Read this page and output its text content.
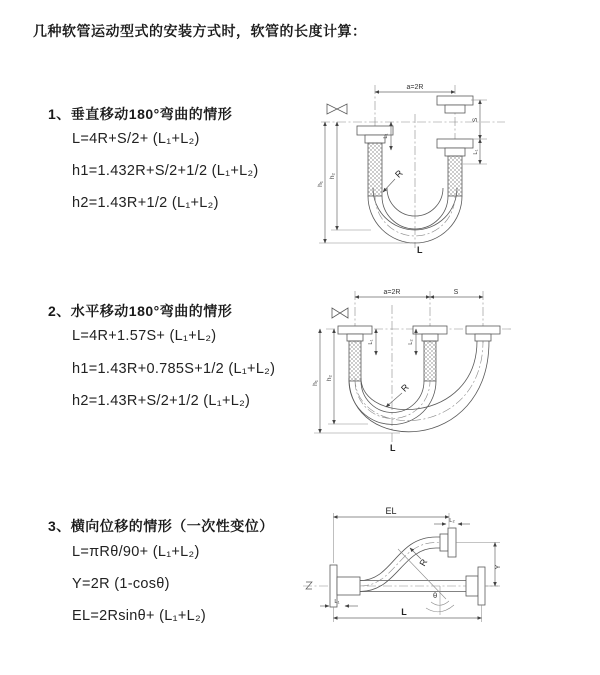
几种软管运动型式的安装方式时，软管的长度计算：
1、垂直移动180°弯曲的情形
L=4R+S/2+ (L₁+L₂)
h1=1.432R+S/2+1/2 (L₁+L₂)
h2=1.43R+1/2 (L₁+L₂)
2、水平移动180°弯曲的情形
L=4R+1.57S+ (L₁+L₂)
h1=1.43R+0.785S+1/2 (L₁+L₂)
h2=1.43R+S/2+1/2 (L₁+L₂)
3、横向位移的情形（一次性变位）
L=πRθ/90+ (L₁+L₂)
Y=2R (1-cosθ)
EL=2Rsinθ+ (L₁+L₂)
a=2R
h₁
h₂
L₁
S
L₁
R
L
a=2R	S
h₁
h₂
L₁	L₂
R
L
EL
L₂
Y
θ
R
L₁
L
